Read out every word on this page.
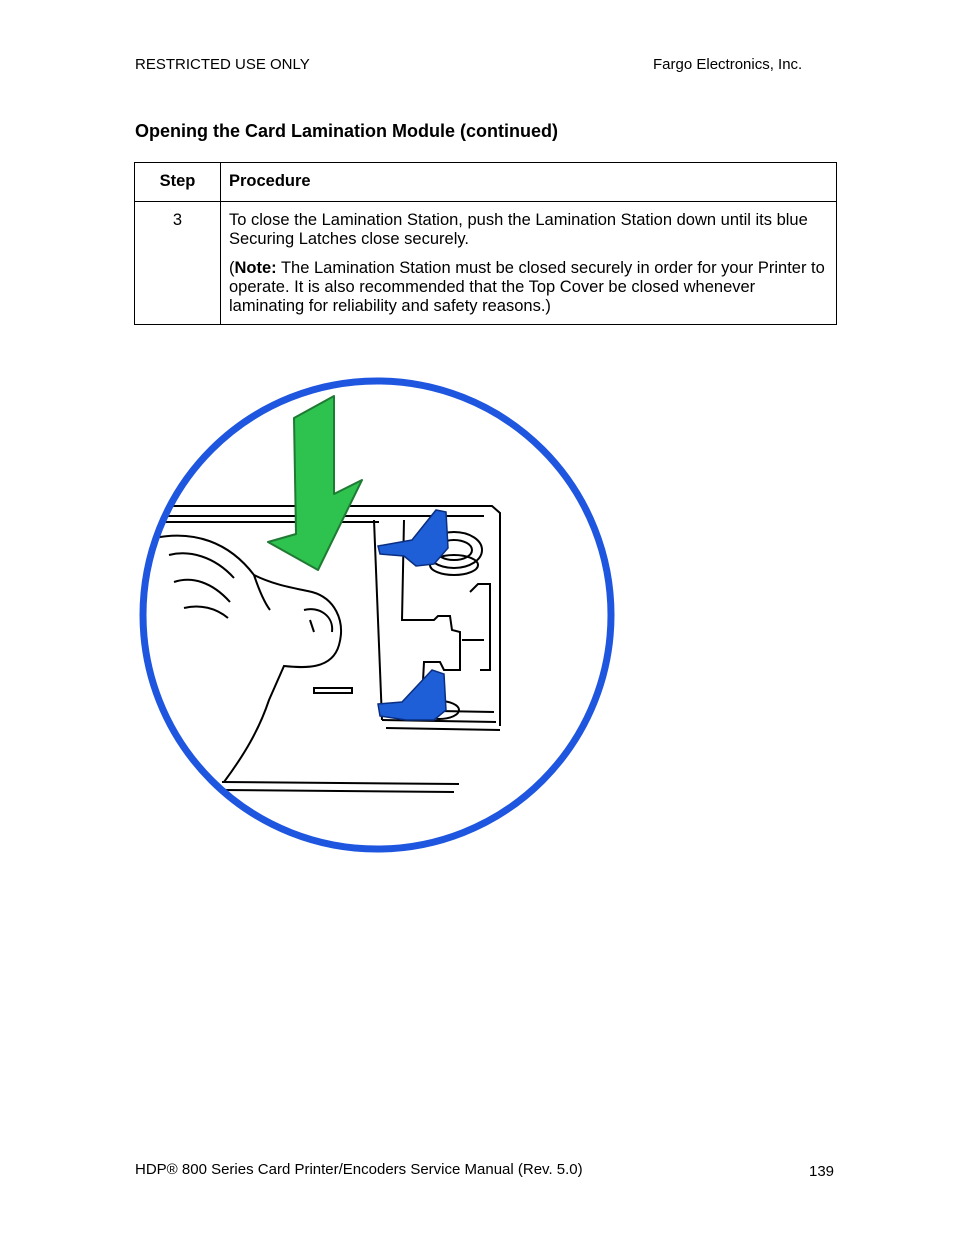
RESTRICTED USE ONLY	Fargo Electronics, Inc.
Opening the Card Lamination Module (continued)
Step	Procedure
3	To close the Lamination Station, push the Lamination Station down until its blue Securing Latches close securely.

(Note: The Lamination Station must be closed securely in order for your Printer to operate. It is also recommended that the Top Cover be closed whenever laminating for reliability and safety reasons.)

HDP® 800 Series Card Printer/Encoders Service Manual (Rev. 5.0)	139
